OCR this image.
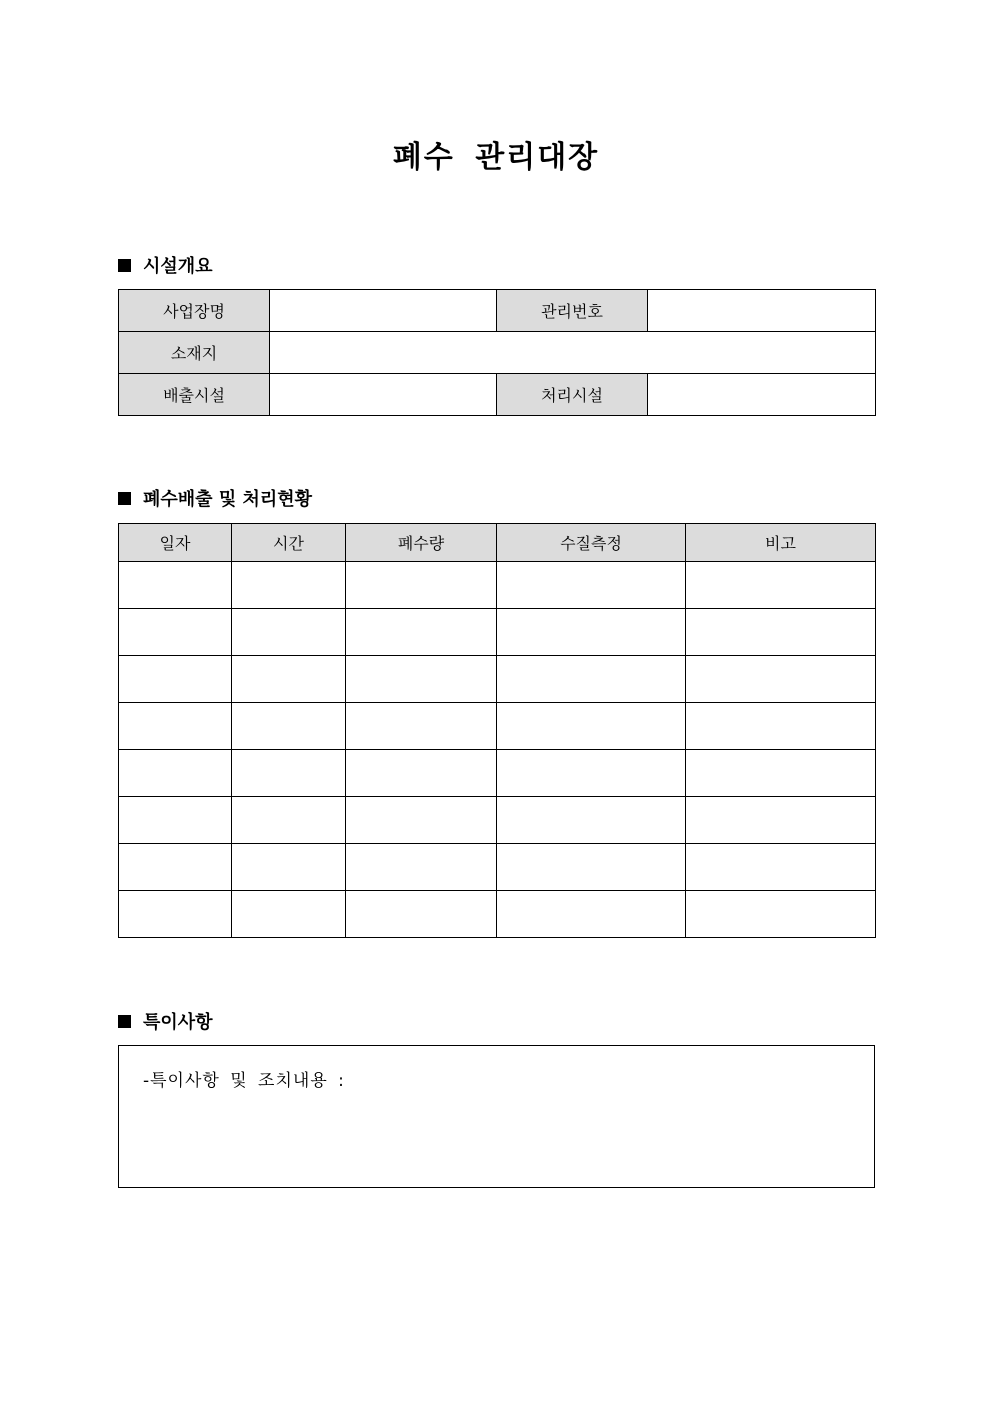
폐수 관리대장
시설개요
사업장명		관리번호	
소재지			
배출시설		처리시설	
폐수배출 및 처리현황
일자	시간	폐수량	수질측정	비고

특이사항
-특이사항 및 조치내용 :
